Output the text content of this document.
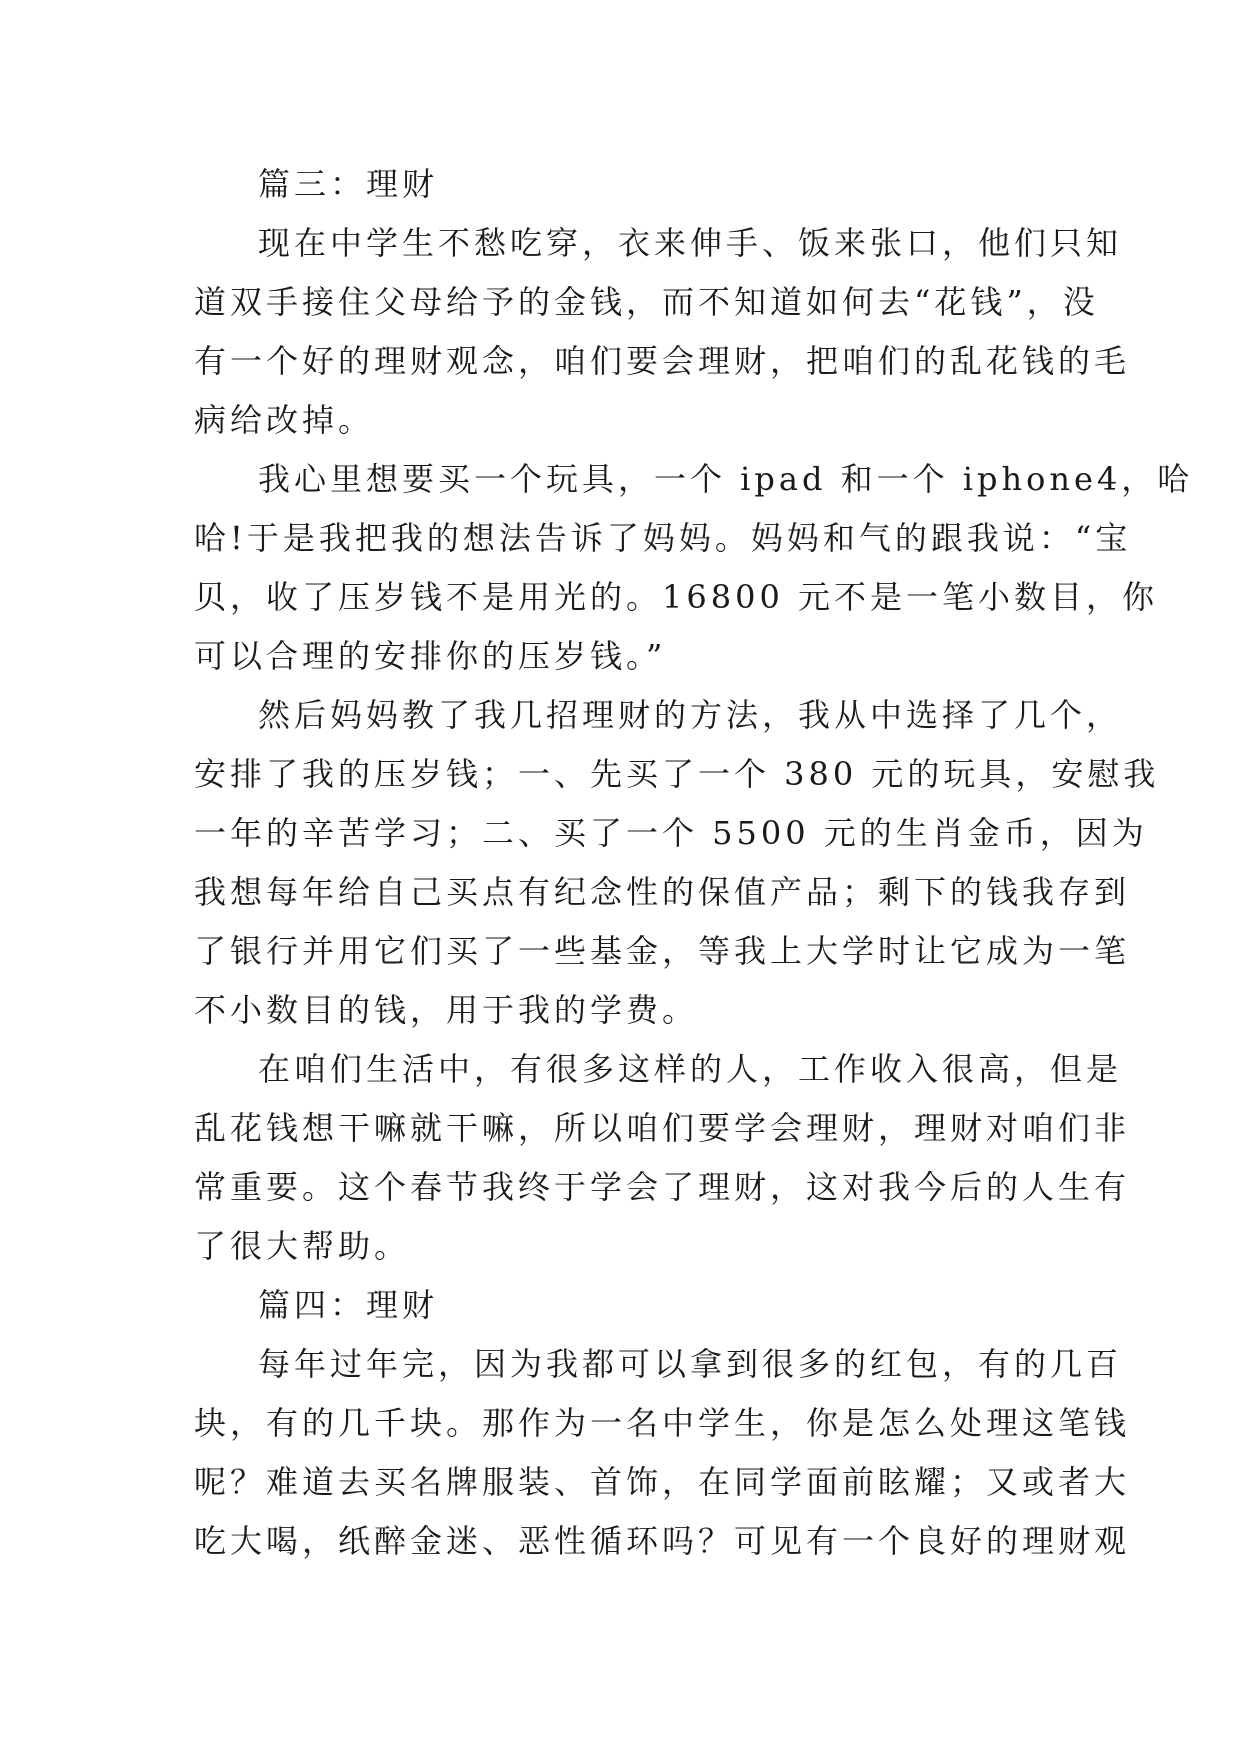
篇三：理财
现在中学生不愁吃穿，衣来伸手、饭来张口，他们只知
道双手接住父母给予的金钱，而不知道如何去“花钱”，没
有一个好的理财观念，咱们要会理财，把咱们的乱花钱的毛
病给改掉。
我心里想要买一个玩具，一个 ipad 和一个 iphone4，哈
哈!于是我把我的想法告诉了妈妈。妈妈和气的跟我说：“宝
贝，收了压岁钱不是用光的。16800 元不是一笔小数目，你
可以合理的安排你的压岁钱。”
然后妈妈教了我几招理财的方法，我从中选择了几个，
安排了我的压岁钱；一、先买了一个 380 元的玩具，安慰我
一年的辛苦学习；二、买了一个 5500 元的生肖金币，因为
我想每年给自己买点有纪念性的保值产品；剩下的钱我存到
了银行并用它们买了一些基金，等我上大学时让它成为一笔
不小数目的钱，用于我的学费。
在咱们生活中，有很多这样的人，工作收入很高，但是
乱花钱想干嘛就干嘛，所以咱们要学会理财，理财对咱们非
常重要。这个春节我终于学会了理财，这对我今后的人生有
了很大帮助。
篇四：理财
每年过年完，因为我都可以拿到很多的红包，有的几百
块，有的几千块。那作为一名中学生，你是怎么处理这笔钱
呢？难道去买名牌服装、首饰，在同学面前眩耀；又或者大
吃大喝，纸醉金迷、恶性循环吗？可见有一个良好的理财观
